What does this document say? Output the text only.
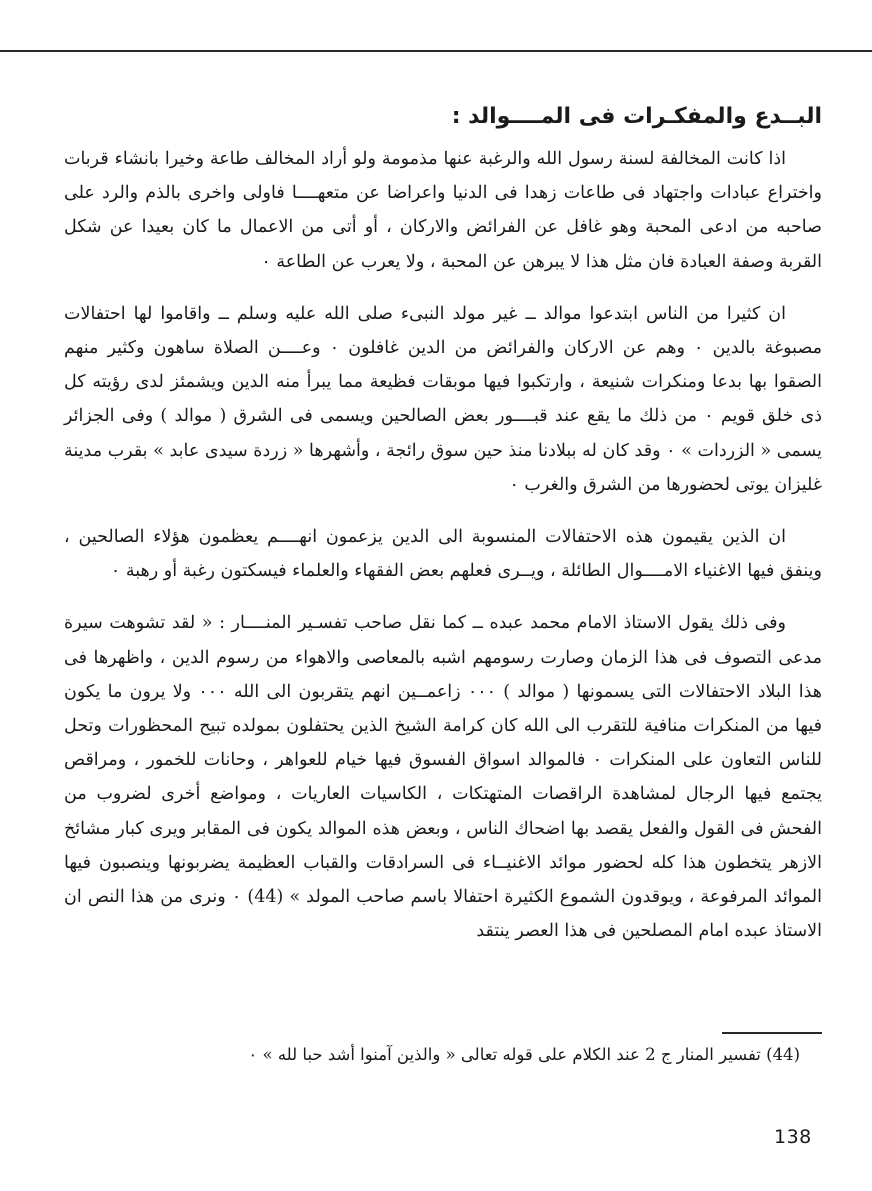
البــدع والمفكـرات فى المــــوالد :

اذا كانت المخالفة لسنة رسول الله والرغبة عنها مذمومة ولو أراد المخالف طاعة وخيرا بانشاء قربات واختراع عبادات واجتهاد فى طاعات زهدا فى الدنيا واعراضا عن متعهــــا فاولى واخرى بالذم والرد على صاحبه من ادعى المحبة وهو غافل عن الفرائض والاركان ، أو أتى من الاعمال ما كان بعيدا عن شكل القربة وصفة العبادة فان مثل هذا لا يبرهن عن المحبة ، ولا يعرب عن الطاعة ٠

ان كثيرا من الناس ابتدعوا موالد ــ غير مولد النبىء صلى الله عليه وسلم ــ واقاموا لها احتفالات مصبوغة بالدين ٠ وهم عن الاركان والفرائض من الدين غافلون ٠ وعــــن الصلاة ساهون وكثير منهم الصقوا بها بدعا ومنكرات شنيعة ، وارتكبوا فيها موبقات فظيعة مما يبرأ منه الدين ويشمئز لدى رؤيته كل ذى خلق قويم ٠ من ذلك ما يقع عند قبــــور بعض الصالحين ويسمى فى الشرق ( موالد ) وفى الجزائر يسمى « الزردات » ٠ وقد كان له ببلادنا منذ حين سوق رائجة ، وأشهرها « زردة سيدى عابد » بقرب مدينة غليزان يوتى لحضورها من الشرق والغرب ٠

ان الذين يقيمون هذه الاحتفالات المنسوبة الى الدين يزعمون انهــــم يعظمون هؤلاء الصالحين ، وينفق فيها الاغنياء الامــــوال الطائلة ، ويــرى فعلهم بعض الفقهاء والعلماء فيسكتون رغبة أو رهبة ٠

وفى ذلك يقول الاستاذ الامام محمد عبده ــ كما نقل صاحب تفسـير المنــــار : « لقد تشوهت سيرة مدعى التصوف فى هذا الزمان وصارت رسومهم اشبه بالمعاصى والاهواء من رسوم الدين ، واظهرها فى هذا البلاد الاحتفالات التى يسمونها ( موالد ) ٠٠٠ زاعمــين انهم يتقربون الى الله ٠٠٠ ولا يرون ما يكون فيها من المنكرات منافية للتقرب الى الله كان كرامة الشيخ الذين يحتفلون بمولده تبيح المحظورات وتحل للناس التعاون على المنكرات ٠ فالموالد اسواق الفسوق فيها خيام للعواهر ، وحانات للخمور ، ومراقص يجتمع فيها الرجال لمشاهدة الراقصات المتهتكات ، الكاسيات العاريات ، ومواضع أخرى لضروب من الفحش فى القول والفعل يقصد بها اضحاك الناس ، وبعض هذه الموالد يكون فى المقابر ويرى كبار مشائخ الازهر يتخطون هذا كله لحضور موائد الاغنيــاء فى السرادقات والقباب العظيمة يضربونها وينصبون فيها الموائد المرفوعة ، ويوقدون الشموع الكثيرة احتفالا باسم صاحب المولد » (44) ٠ ونرى من هذا النص ان الاستاذ عبده امام المصلحين فى هذا العصر ينتقد

(44) تفسير المنار ج 2 عند الكلام على قوله تعالى « والذين آمنوا أشد حبا لله » ٠
138
